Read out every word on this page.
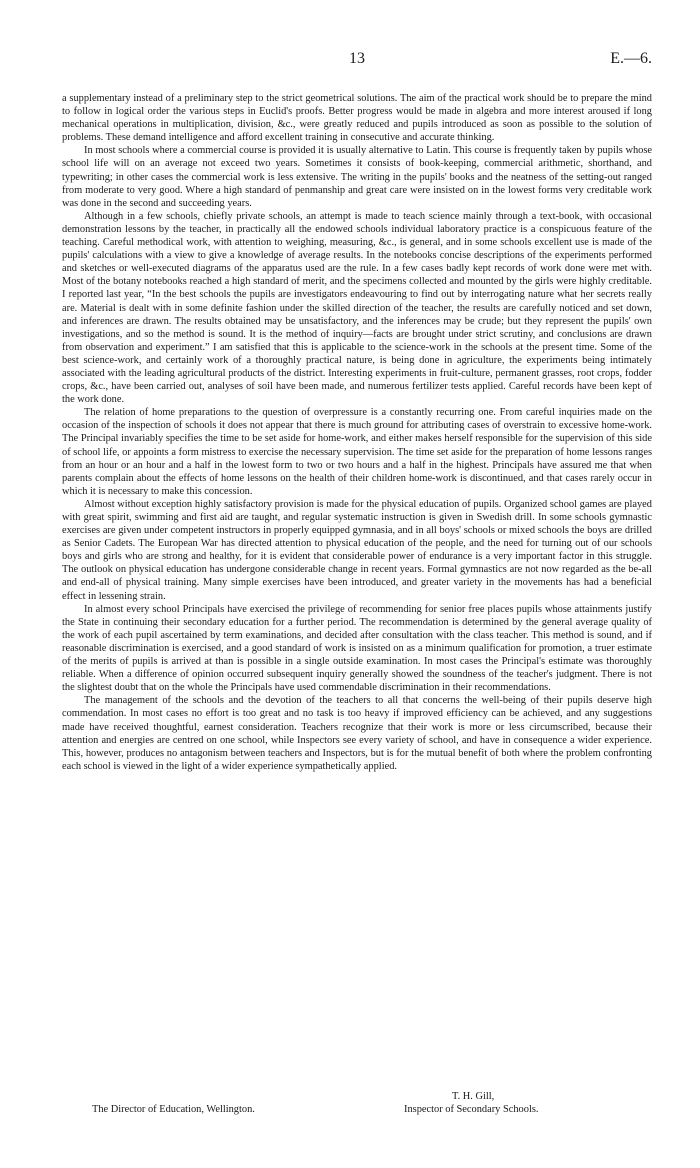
13	E.—6.

a supplementary instead of a preliminary step to the strict geometrical solutions. The aim of the practical work should be to prepare the mind to follow in logical order the various steps in Euclid's proofs. Better progress would be made in algebra and more interest aroused if long mechanical operations in multiplication, division, &c., were greatly reduced and pupils introduced as soon as possible to the solution of problems. These demand intelligence and afford excellent training in consecutive and accurate thinking.

In most schools where a commercial course is provided it is usually alternative to Latin. This course is frequently taken by pupils whose school life will on an average not exceed two years. Sometimes it consists of book-keeping, commercial arithmetic, shorthand, and typewriting; in other cases the commercial work is less extensive. The writing in the pupils' books and the neatness of the setting-out ranged from moderate to very good. Where a high standard of penmanship and great care were insisted on in the lowest forms very creditable work was done in the second and succeeding years.

Although in a few schools, chiefly private schools, an attempt is made to teach science mainly through a text-book, with occasional demonstration lessons by the teacher, in practically all the endowed schools individual laboratory practice is a conspicuous feature of the teaching. Careful methodical work, with attention to weighing, measuring, &c., is general, and in some schools excellent use is made of the pupils' calculations with a view to give a knowledge of average results. In the notebooks concise descriptions of the experiments performed and sketches or well-executed diagrams of the apparatus used are the rule. In a few cases badly kept records of work done were met with. Most of the botany notebooks reached a high standard of merit, and the specimens collected and mounted by the girls were highly creditable. I reported last year, “In the best schools the pupils are investigators endeavouring to find out by interrogating nature what her secrets really are. Material is dealt with in some definite fashion under the skilled direction of the teacher, the results are carefully noticed and set down, and inferences are drawn. The results obtained may be unsatisfactory, and the inferences may be crude; but they represent the pupils' own investigations, and so the method is sound. It is the method of inquiry—facts are brought under strict scrutiny, and conclusions are drawn from observation and experiment.” I am satisfied that this is applicable to the science-work in the schools at the present time. Some of the best science-work, and certainly work of a thoroughly practical nature, is being done in agriculture, the experiments being intimately associated with the leading agricultural products of the district. Interesting experiments in fruit-culture, permanent grasses, root crops, fodder crops, &c., have been carried out, analyses of soil have been made, and numerous fertilizer tests applied. Careful records have been kept of the work done.

The relation of home preparations to the question of overpressure is a constantly recurring one. From careful inquiries made on the occasion of the inspection of schools it does not appear that there is much ground for attributing cases of overstrain to excessive home-work. The Principal invariably specifies the time to be set aside for home-work, and either makes herself responsible for the supervision of this side of school life, or appoints a form mistress to exercise the necessary supervision. The time set aside for the preparation of home lessons ranges from an hour or an hour and a half in the lowest form to two or two hours and a half in the highest. Principals have assured me that when parents complain about the effects of home lessons on the health of their children home-work is discontinued, and that cases rarely occur in which it is necessary to make this concession.

Almost without exception highly satisfactory provision is made for the physical education of pupils. Organized school games are played with great spirit, swimming and first aid are taught, and regular systematic instruction is given in Swedish drill. In some schools gymnastic exercises are given under competent instructors in properly equipped gymnasia, and in all boys' schools or mixed schools the boys are drilled as Senior Cadets. The European War has directed attention to physical education of the people, and the need for turning out of our schools boys and girls who are strong and healthy, for it is evident that considerable power of endurance is a very important factor in this struggle. The outlook on physical education has undergone considerable change in recent years. Formal gymnastics are not now regarded as the be-all and end-all of physical training. Many simple exercises have been introduced, and greater variety in the movements has had a beneficial effect in lessening strain.

In almost every school Principals have exercised the privilege of recommending for senior free places pupils whose attainments justify the State in continuing their secondary education for a further period. The recommendation is determined by the general average quality of the work of each pupil ascertained by term examinations, and decided after consultation with the class teacher. This method is sound, and if reasonable discrimination is exercised, and a good standard of work is insisted on as a minimum qualification for promotion, a truer estimate of the merits of pupils is arrived at than is possible in a single outside examination. In most cases the Principal's estimate was thoroughly reliable. When a difference of opinion occurred subsequent inquiry generally showed the soundness of the teacher's judgment. There is not the slightest doubt that on the whole the Principals have used commendable discrimination in their recommendations.

The management of the schools and the devotion of the teachers to all that concerns the well-being of their pupils deserve high commendation. In most cases no effort is too great and no task is too heavy if improved efficiency can be achieved, and any suggestions made have received thoughtful, earnest consideration. Teachers recognize that their work is more or less circumscribed, because their attention and energies are centred on one school, while Inspectors see every variety of school, and have in consequence a wider experience. This, however, produces no antagonism between teachers and Inspectors, but is for the mutual benefit of both where the problem confronting each school is viewed in the light of a wider experience sympathetically applied.

T. H. Gill,
The Director of Education, Wellington.	Inspector of Secondary Schools.
